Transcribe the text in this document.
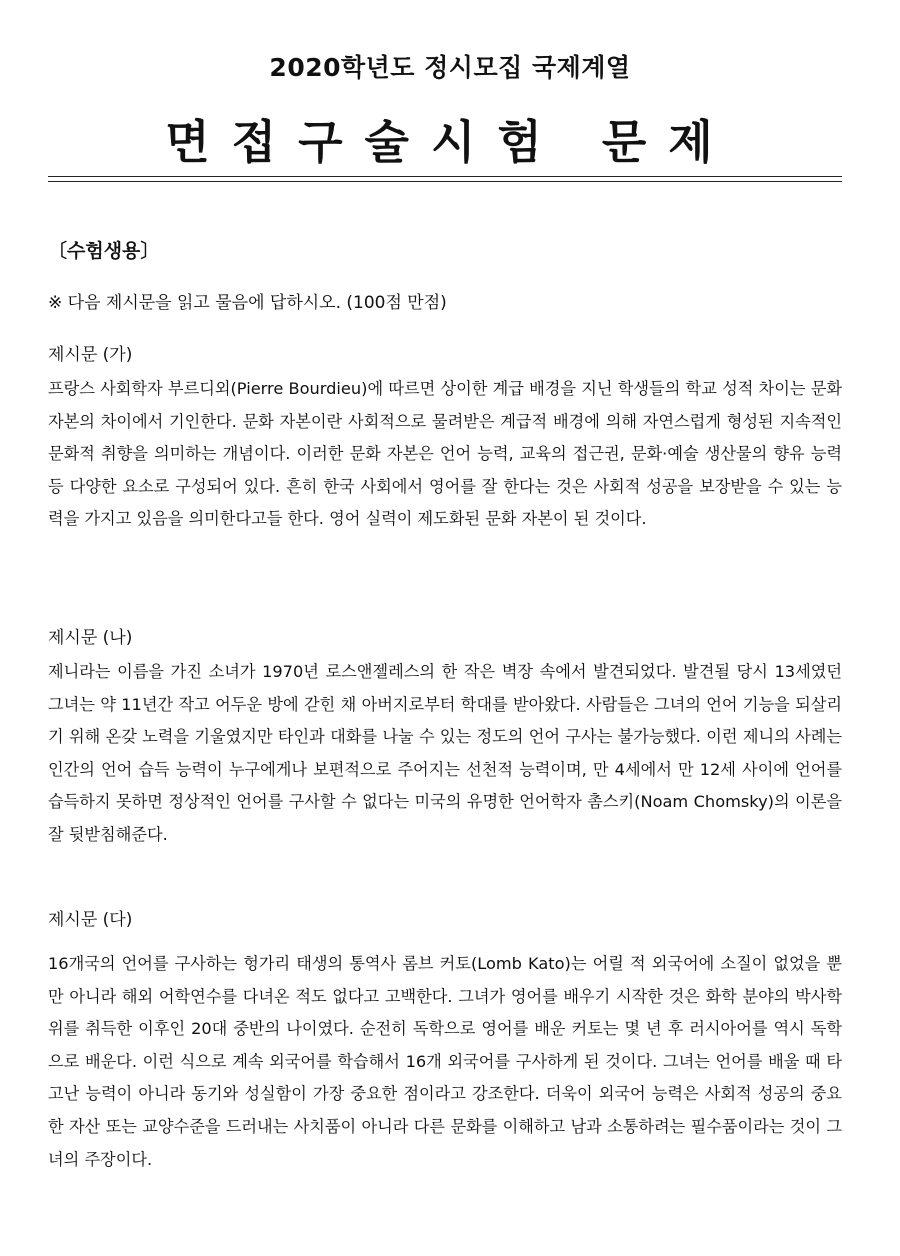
2020학년도 정시모집 국제계열
면접구술시험 문제
〔수험생용〕
※ 다음 제시문을 읽고 물음에 답하시오. (100점 만점)
제시문 (가)
프랑스 사회학자 부르디외(Pierre Bourdieu)에 따르면 상이한 계급 배경을 지닌 학생들의 학교 성적 차이는 문화 자본의 차이에서 기인한다. 문화 자본이란 사회적으로 물려받은 계급적 배경에 의해 자연스럽게 형성된 지속적인 문화적 취향을 의미하는 개념이다. 이러한 문화 자본은 언어 능력, 교육의 접근권, 문화·예술 생산물의 향유 능력 등 다양한 요소로 구성되어 있다. 흔히 한국 사회에서 영어를 잘 한다는 것은 사회적 성공을 보장받을 수 있는 능력을 가지고 있음을 의미한다고들 한다. 영어 실력이 제도화된 문화 자본이 된 것이다.
제시문 (나)
제니라는 이름을 가진 소녀가 1970년 로스앤젤레스의 한 작은 벽장 속에서 발견되었다. 발견될 당시 13세였던 그녀는 약 11년간 작고 어두운 방에 갇힌 채 아버지로부터 학대를 받아왔다. 사람들은 그녀의 언어 기능을 되살리기 위해 온갖 노력을 기울였지만 타인과 대화를 나눌 수 있는 정도의 언어 구사는 불가능했다. 이런 제니의 사례는 인간의 언어 습득 능력이 누구에게나 보편적으로 주어지는 선천적 능력이며, 만 4세에서 만 12세 사이에 언어를 습득하지 못하면 정상적인 언어를 구사할 수 없다는 미국의 유명한 언어학자 촘스키(Noam Chomsky)의 이론을 잘 뒷받침해준다.
제시문 (다)
16개국의 언어를 구사하는 헝가리 태생의 통역사 롬브 커토(Lomb Kato)는 어릴 적 외국어에 소질이 없었을 뿐만 아니라 해외 어학연수를 다녀온 적도 없다고 고백한다. 그녀가 영어를 배우기 시작한 것은 화학 분야의 박사학위를 취득한 이후인 20대 중반의 나이였다. 순전히 독학으로 영어를 배운 커토는 몇 년 후 러시아어를 역시 독학으로 배운다. 이런 식으로 계속 외국어를 학습해서 16개 외국어를 구사하게 된 것이다. 그녀는 언어를 배울 때 타고난 능력이 아니라 동기와 성실함이 가장 중요한 점이라고 강조한다. 더욱이 외국어 능력은 사회적 성공의 중요한 자산 또는 교양수준을 드러내는 사치품이 아니라 다른 문화를 이해하고 남과 소통하려는 필수품이라는 것이 그녀의 주장이다.
